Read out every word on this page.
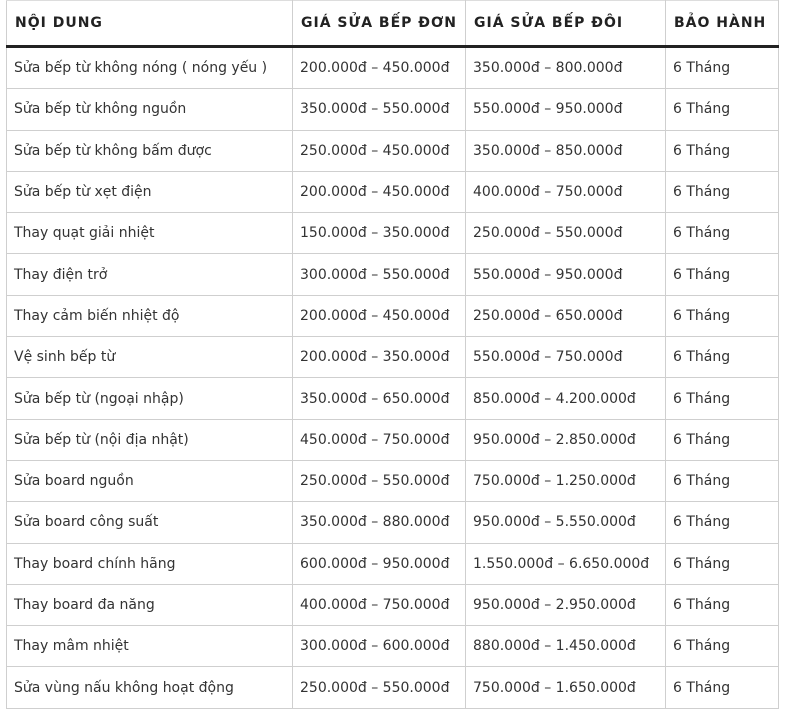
NỘI DUNG	GIÁ SỬA BẾP ĐƠN	GIÁ SỬA BẾP ĐÔI	BẢO HÀNH
Sửa bếp từ không nóng ( nóng yếu )	200.000đ – 450.000đ	350.000đ – 800.000đ	6 Tháng
Sửa bếp từ không nguồn	350.000đ – 550.000đ	550.000đ – 950.000đ	6 Tháng
Sửa bếp từ không bấm được	250.000đ – 450.000đ	350.000đ – 850.000đ	6 Tháng
Sửa bếp từ xẹt điện	200.000đ – 450.000đ	400.000đ – 750.000đ	6 Tháng
Thay quạt giải nhiệt	150.000đ – 350.000đ	250.000đ – 550.000đ	6 Tháng
Thay điện trở	300.000đ – 550.000đ	550.000đ – 950.000đ	6 Tháng
Thay cảm biến nhiệt độ	200.000đ – 450.000đ	250.000đ – 650.000đ	6 Tháng
Vệ sinh bếp từ	200.000đ – 350.000đ	550.000đ – 750.000đ	6 Tháng
Sửa bếp từ (ngoại nhập)	350.000đ – 650.000đ	850.000đ – 4.200.000đ	6 Tháng
Sửa bếp từ (nội địa nhật)	450.000đ – 750.000đ	950.000đ – 2.850.000đ	6 Tháng
Sửa board nguồn	250.000đ – 550.000đ	750.000đ – 1.250.000đ	6 Tháng
Sửa board công suất	350.000đ – 880.000đ	950.000đ – 5.550.000đ	6 Tháng
Thay board chính hãng	600.000đ – 950.000đ	1.550.000đ – 6.650.000đ	6 Tháng
Thay board đa năng	400.000đ – 750.000đ	950.000đ – 2.950.000đ	6 Tháng
Thay mâm nhiệt	300.000đ – 600.000đ	880.000đ – 1.450.000đ	6 Tháng
Sửa vùng nấu không hoạt động	250.000đ – 550.000đ	750.000đ – 1.650.000đ	6 Tháng
